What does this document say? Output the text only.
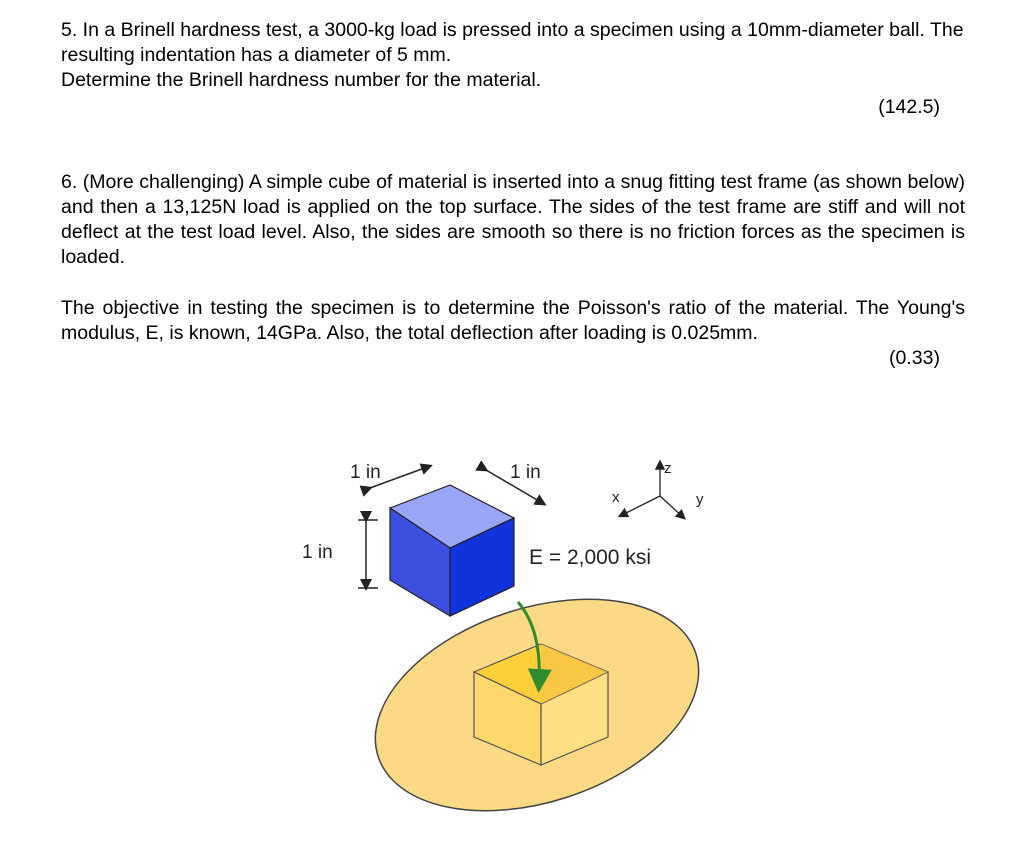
5. In a Brinell hardness test, a 3000-kg load is pressed into a specimen using a 10mm-diameter ball. The resulting indentation has a diameter of 5 mm.
Determine the Brinell hardness number for the material.

(142.5)

6. (More challenging) A simple cube of material is inserted into a snug fitting test frame (as shown below) and then a 13,125N load is applied on the top surface. The sides of the test frame are stiff and will not deflect at the test load level. Also, the sides are smooth so there is no friction forces as the specimen is loaded.

The objective in testing the specimen is to determine the Poisson's ratio of the material. The Young's modulus, E, is known, 14GPa. Also, the total deflection after loading is 0.025mm.

(0.33)

1 in	1 in
1 in	E = 2,000 ksi
z
x	y
